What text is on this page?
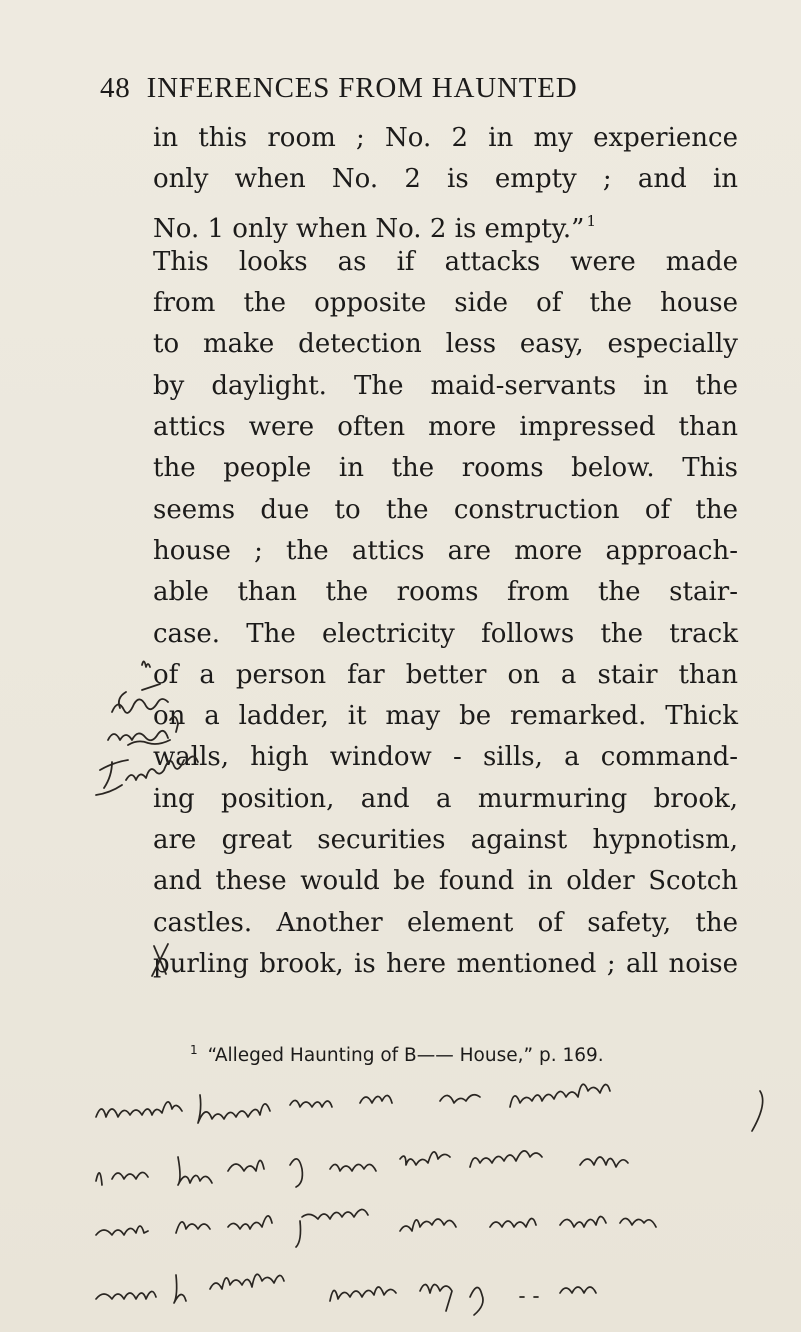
48 INFERENCES FROM HAUNTED
in this room ; No. 2 in my experience
only when No. 2 is empty ; and in
No. 1 only when No. 2 is empty.” $^1$
This looks as if attacks were made
from the opposite side of the house
to make detection less easy, especially
by daylight. The maid-servants in the
attics were often more impressed than
the people in the rooms below. This
seems due to the construction of the
house ; the attics are more approach-
able than the rooms from the stair-
case. The electricity follows the track
of a person far better on a stair than
on a ladder, it may be remarked. Thick
walls, high window - sills, a command-
ing position, and a murmuring brook,
are great securities against hypnotism,
and these would be found in older Scotch
castles. Another element of safety, the
purling brook, is here mentioned ; all noise
$^1$ “Alleged Haunting of B—— House,” p. 169.
